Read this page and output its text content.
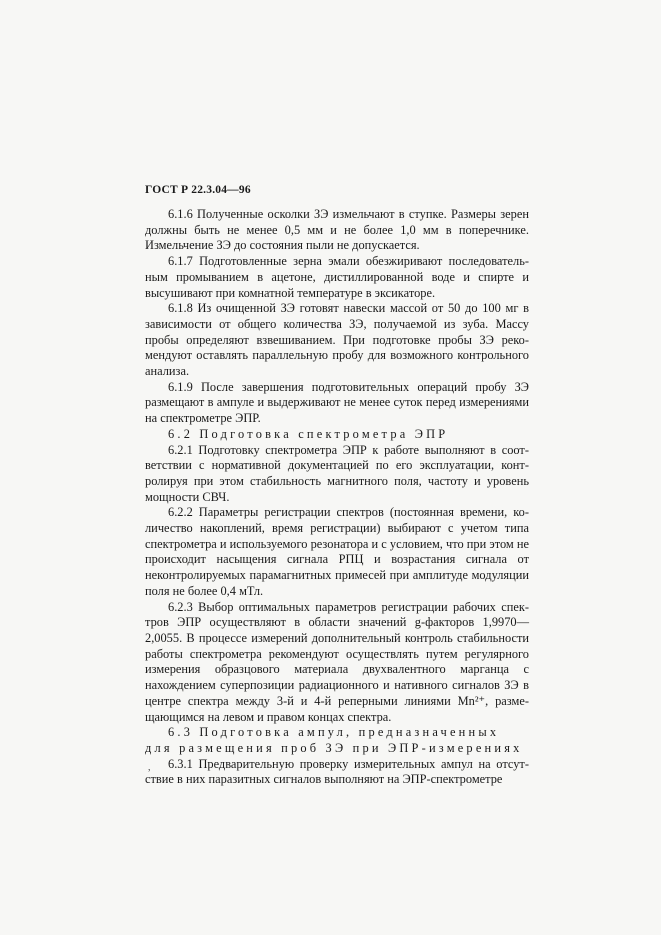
ГОСТ Р 22.3.04—96

6.1.6 Полученные осколки ЗЭ измельчают в ступке. Размеры зерен должны быть не менее 0,5 мм и не более 1,0 мм в поперечнике. Измельчение ЗЭ до состояния пыли не допускается.

6.1.7 Подготовленные зерна эмали обезжиривают последовательным промыванием в ацетоне, дистиллированной воде и спирте и высушивают при комнатной температуре в эксикаторе.

6.1.8 Из очищенной ЗЭ готовят навески массой от 50 до 100 мг в зависимости от общего количества ЗЭ, получаемой из зуба. Массу пробы определяют взвешиванием. При подготовке пробы ЗЭ рекомендуют оставлять параллельную пробу для возможного контрольного анализа.

6.1.9 После завершения подготовительных операций пробу ЗЭ размещают в ампуле и выдерживают не менее суток перед измерениями на спектрометре ЭПР.

6.2 Подготовка спектрометра ЭПР

6.2.1 Подготовку спектрометра ЭПР к работе выполняют в соответствии с нормативной документацией по его эксплуатации, контролируя при этом стабильность магнитного поля, частоту и уровень мощности СВЧ.

6.2.2 Параметры регистрации спектров (постоянная времени, количество накоплений, время регистрации) выбирают с учетом типа спектрометра и используемого резонатора и с условием, что при этом не происходит насыщения сигнала РПЦ и возрастания сигнала от неконтролируемых парамагнитных примесей при амплитуде модуляции поля не более 0,4 мТл.

6.2.3 Выбор оптимальных параметров регистрации рабочих спектров ЭПР осуществляют в области значений g-факторов 1,9970—2,0055. В процессе измерений дополнительный контроль стабильности работы спектрометра рекомендуют осуществлять путем регулярного измерения образцового материала двухвалентного марганца с нахождением суперпозиции радиационного и нативного сигналов ЗЭ в центре спектра между 3-й и 4-й реперными линиями Mn²⁺, размещающимся на левом и правом концах спектра.

6.3 Подготовка ампул, предназначенных для размещения проб ЗЭ при ЭПР-измерениях

6.3.1 Предварительную проверку измерительных ампул на отсутствие в них паразитных сигналов выполняют на ЭПР-спектрометре

,
